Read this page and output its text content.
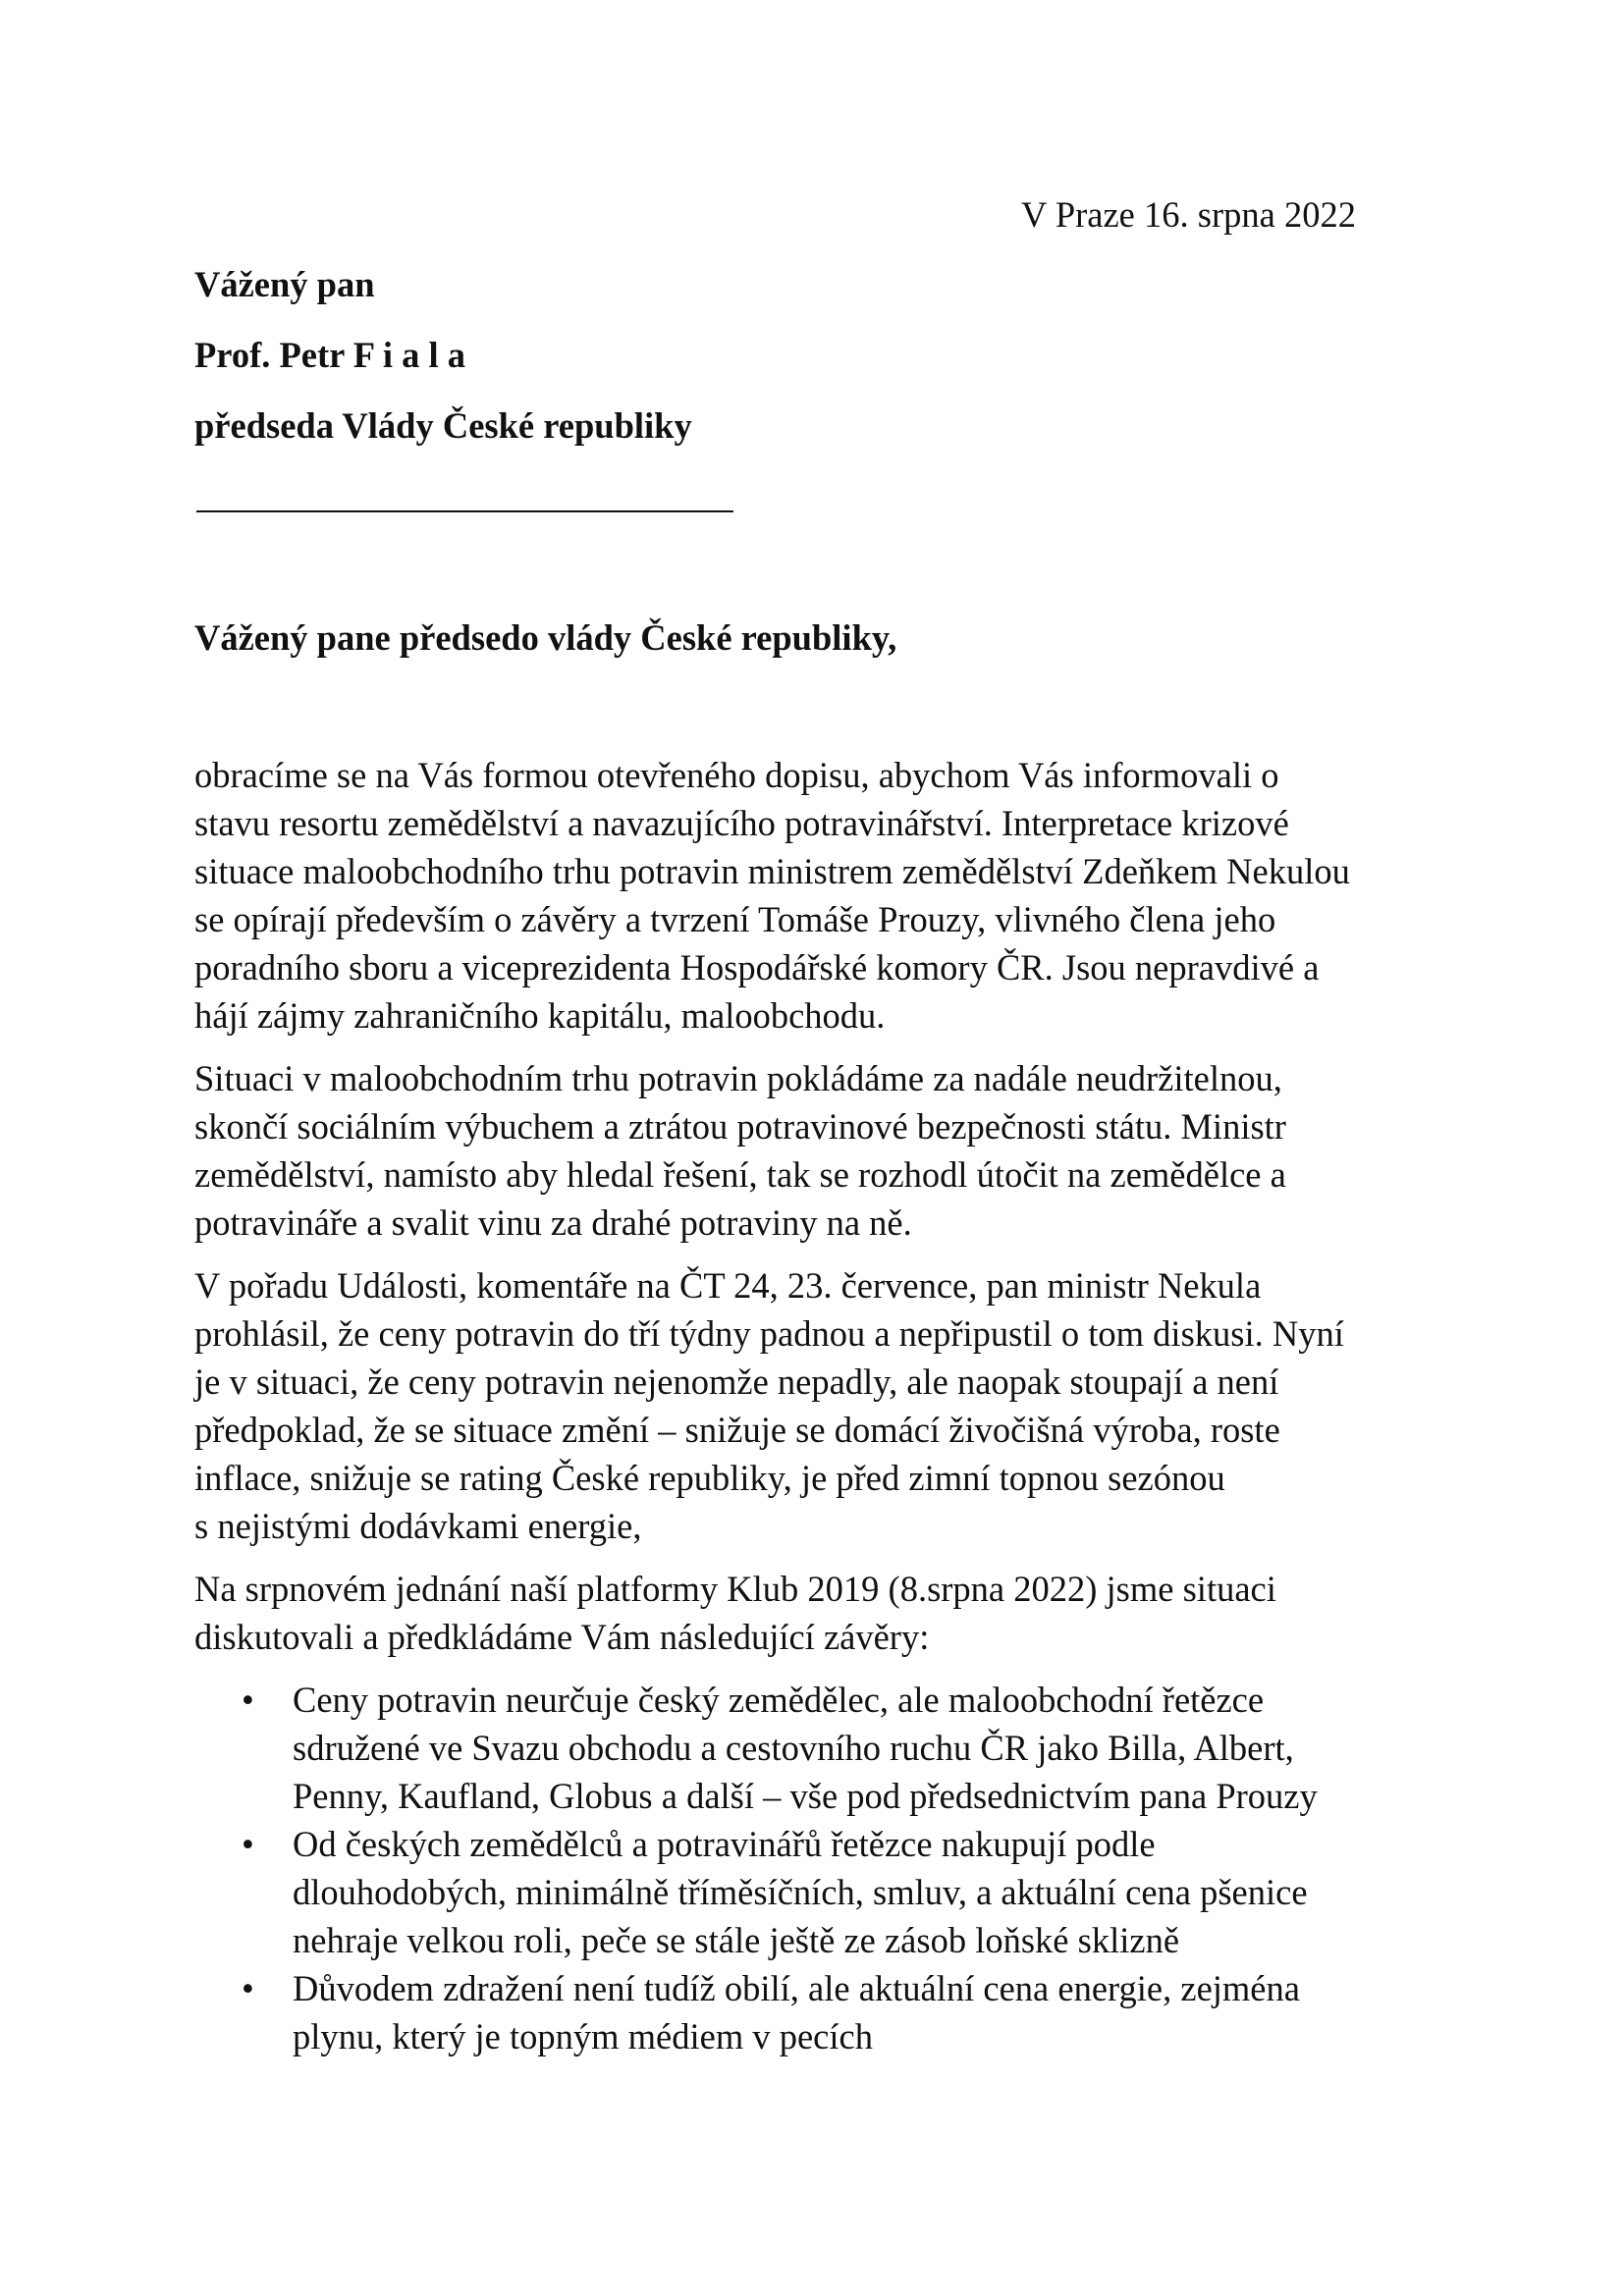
V Praze 16. srpna 2022
Vážený pan
Prof. Petr F i a l a
předseda Vlády České republiky
Vážený pane předsedo vlády České republiky,

obracíme se na Vás formou otevřeného dopisu, abychom Vás informovali o
stavu resortu zemědělství a navazujícího potravinářství. Interpretace krizové
situace maloobchodního trhu potravin ministrem zemědělství Zdeňkem Nekulou
se opírají především o závěry a tvrzení Tomáše Prouzy, vlivného člena jeho
poradního sboru a viceprezidenta Hospodářské komory ČR. Jsou nepravdivé a
hájí zájmy zahraničního kapitálu, maloobchodu.

Situaci v maloobchodním trhu potravin pokládáme za nadále neudržitelnou,
skončí sociálním výbuchem a ztrátou potravinové bezpečnosti státu. Ministr
zemědělství, namísto aby hledal řešení, tak se rozhodl útočit na zemědělce a
potravináře a svalit vinu za drahé potraviny na ně.

V pořadu Události, komentáře na ČT 24, 23. července, pan ministr Nekula
prohlásil, že ceny potravin do tří týdny padnou a nepřipustil o tom diskusi. Nyní
je v situaci, že ceny potravin nejenomže nepadly, ale naopak stoupají a není
předpoklad, že se situace změní – snižuje se domácí živočišná výroba, roste
inflace, snižuje se rating České republiky, je před zimní topnou sezónou
s nejistými dodávkami energie,

Na srpnovém jednání naší platformy Klub 2019 (8.srpna 2022) jsme situaci
diskutovali a předkládáme Vám následující závěry:

•	Ceny potravin neurčuje český zemědělec, ale maloobchodní řetězce
sdružené ve Svazu obchodu a cestovního ruchu ČR jako Billa, Albert,
Penny, Kaufland, Globus a další – vše pod předsednictvím pana Prouzy
•	Od českých zemědělců a potravinářů řetězce nakupují podle
dlouhodobých, minimálně tříměsíčních, smluv, a aktuální cena pšenice
nehraje velkou roli, peče se stále ještě ze zásob loňské sklizně
•	Důvodem zdražení není tudíž obilí, ale aktuální cena energie, zejména
plynu, který je topným médiem v pecích
